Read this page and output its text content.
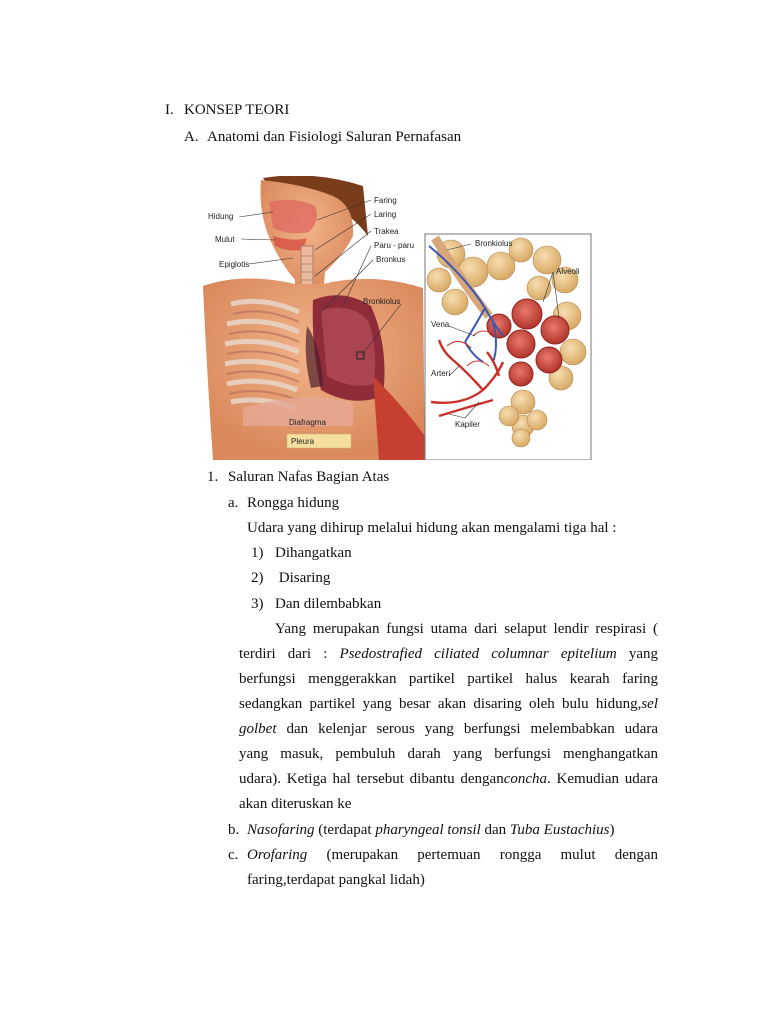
I. KONSEP TEORI
A. Anatomi dan Fisiologi Saluran Pernafasan
Hidung
Mulut
Epiglotis
Faring
Laring
Trakea
Paru - paru
Bronkus
Bronkiolus
Diafragma
Pleura
Bronkiolus
Alveoli
Vena
Arteri
Kapiler
1. Saluran Nafas Bagian Atas
a. Rongga hidung
Udara yang dihirup melalui hidung akan mengalami tiga hal :
1) Dihangatkan
2) Disaring
3) Dan dilembabkan
Yang merupakan fungsi utama dari selaput lendir respirasi (
terdiri dari : Psedostrafied ciliated columnar epitelium yang
berfungsi menggerakkan partikel partikel halus kearah faring
sedangkan partikel yang besar akan disaring oleh bulu hidung,sel
golbet dan kelenjar serous yang berfungsi melembabkan udara
yang masuk, pembuluh darah yang berfungsi menghangatkan
udara). Ketiga hal tersebut dibantu denganconcha. Kemudian udara
akan diteruskan ke
b. Nasofaring (terdapat pharyngeal tonsil dan Tuba Eustachius)
c. Orofaring (merupakan pertemuan rongga mulut dengan
faring,terdapat pangkal lidah)
